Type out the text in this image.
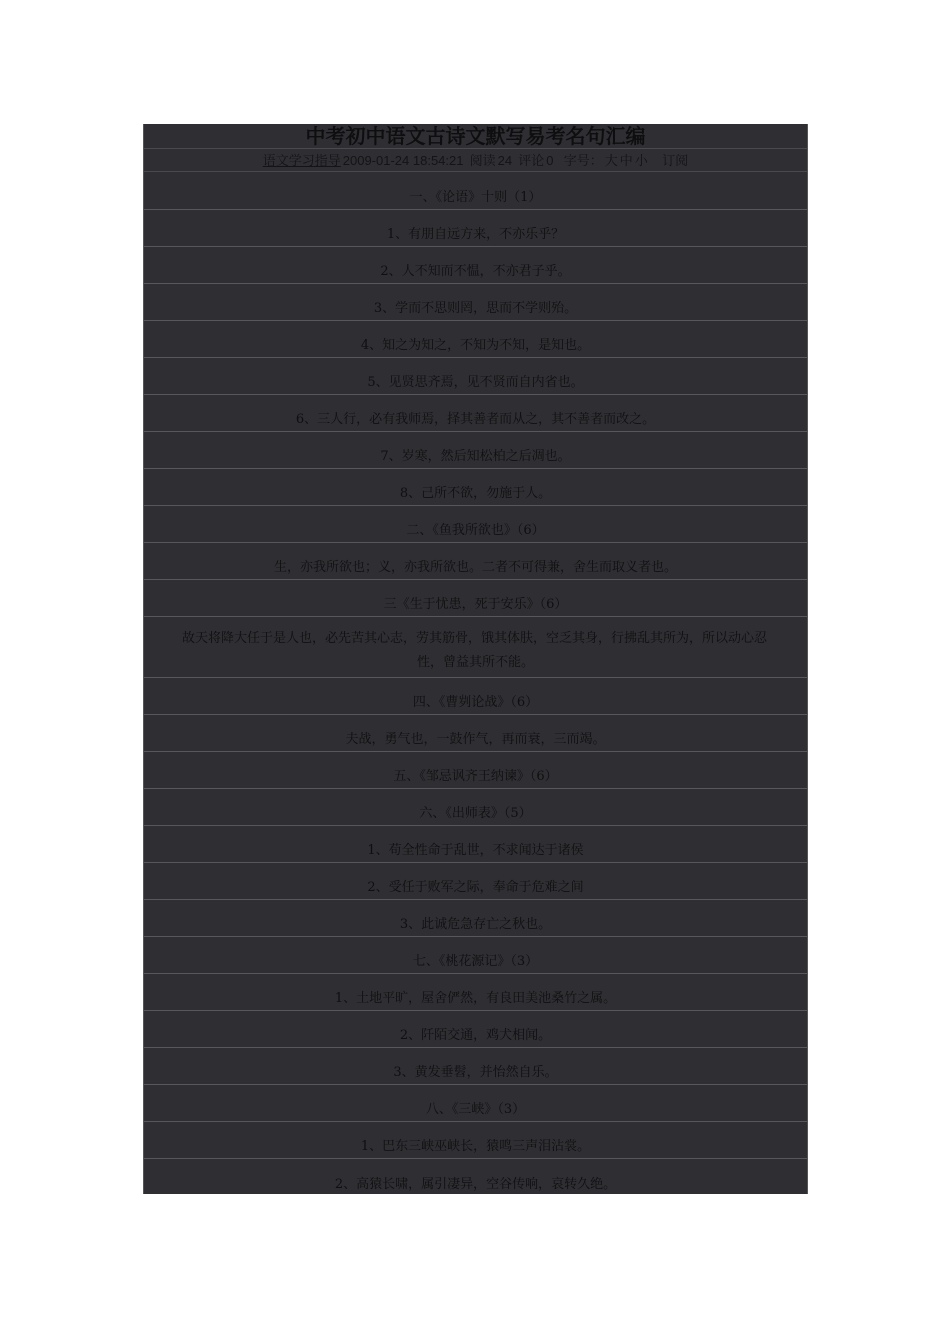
中考初中语文古诗文默写易考名句汇编
语文学习指导 2009-01-24 18:54:21 阅读 24 评论 0 字号： 大 中 小 订阅
一、《论语》十则（1）
1、有朋自远方来，不亦乐乎？
2、人不知而不愠，不亦君子乎。
3、学而不思则罔，思而不学则殆。
4、知之为知之，不知为不知，是知也。
5、见贤思齐焉，见不贤而自内省也。
6、三人行，必有我师焉，择其善者而从之，其不善者而改之。
7、岁寒，然后知松柏之后凋也。
8、己所不欲，勿施于人。
二、《鱼我所欲也》（6）
生，亦我所欲也；义，亦我所欲也。二者不可得兼，舍生而取义者也。
三《生于忧患，死于安乐》（6）
故天将降大任于是人也，必先苦其心志，劳其筋骨，饿其体肤，空乏其身，行拂乱其所为，所以动心忍
性，曾益其所不能。
四、《曹刿论战》（6）
夫战，勇气也，一鼓作气，再而衰，三而竭。
五、《邹忌讽齐王纳谏》（6）
六、《出师表》（5）
1、苟全性命于乱世，不求闻达于诸侯
2、受任于败军之际，奉命于危难之间
3、此诚危急存亡之秋也。
七、《桃花源记》（3）
1、土地平旷，屋舍俨然，有良田美池桑竹之属。
2、阡陌交通，鸡犬相闻。
3、黄发垂髫，并怡然自乐。
八、《三峡》（3）
1、巴东三峡巫峡长，猿鸣三声泪沾裳。
2、高猿长啸，属引凄异，空谷传响，哀转久绝。
